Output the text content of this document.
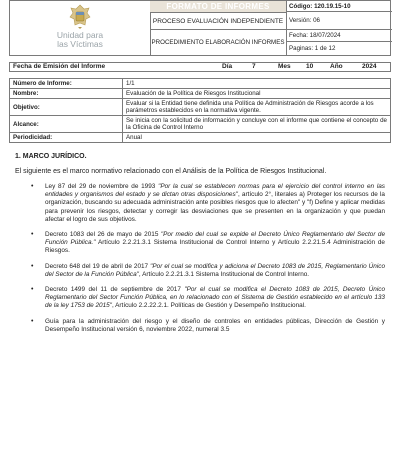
Unidad para
las Víctimas
FORMATO DE INFORMES
PROCESO EVALUACIÓN INDEPENDIENTE
PROCEDIMIENTO ELABORACIÓN INFORMES
Código: 120.19.15-10
Versión: 06
Fecha: 18/07/2024
Paginas: 1 de 12
Fecha de Emisión del Informe	Día	7	Mes 10	Año	2024
Número de Informe:	1/1
Nombre:	Evaluación de la Política de Riesgos Institucional
Objetivo:	Evaluar si la Entidad tiene definida una Política de Administración de Riesgos acorde a los parámetros establecidos en la normativa vigente.
Alcance:	Se inicia con la solicitud de información y concluye con el informe que contiene el concepto de la Oficina de Control Interno
Periodicidad:	Anual
1. MARCO JURÍDICO.
El siguiente es el marco normativo relacionado con el Análisis de la Política de Riesgos Institucional.
• Ley 87 del 29 de noviembre de 1993 "Por la cual se establecen normas para el ejercicio del control interno en las entidades y organismos del estado y se dictan otras disposiciones", artículo 2°, literales a) Proteger los recursos de la organización, buscando su adecuada administración ante posibles riesgos que lo afecten" y "f) Define y aplicar medidas para prevenir los riesgos, detectar y corregir las desviaciones que se presenten en la organización y que puedan afectar el logro de sus objetivos.
• Decreto 1083 del 26 de mayo de 2015 "Por medio del cual se expide el Decreto Único Reglamentario del Sector de Función Pública." Artículo 2.2.21.3.1 Sistema Institucional de Control Interno y Artículo 2.2.21.5.4 Administración de Riesgos.
• Decreto 648 del 19 de abril de 2017 "Por el cual se modifica y adiciona el Decreto 1083 de 2015, Reglamentario Único del Sector de la Función Pública", Artículo 2.2.21.3.1 Sistema Institucional de Control Interno.
• Decreto 1499 del 11 de septiembre de 2017 "Por el cual se modifica el Decreto 1083 de 2015, Decreto Único Reglamentario del Sector Función Pública, en lo relacionado con el Sistema de Gestión establecido en el artículo 133 de la ley 1753 de 2015", Artículo 2.2.22.2.1. Políticas de Gestión y Desempeño Institucional.
• Guía para la administración del riesgo y el diseño de controles en entidades públicas, Dirección de Gestión y Desempeño Institucional versión 6, noviembre 2022, numeral 3.5
